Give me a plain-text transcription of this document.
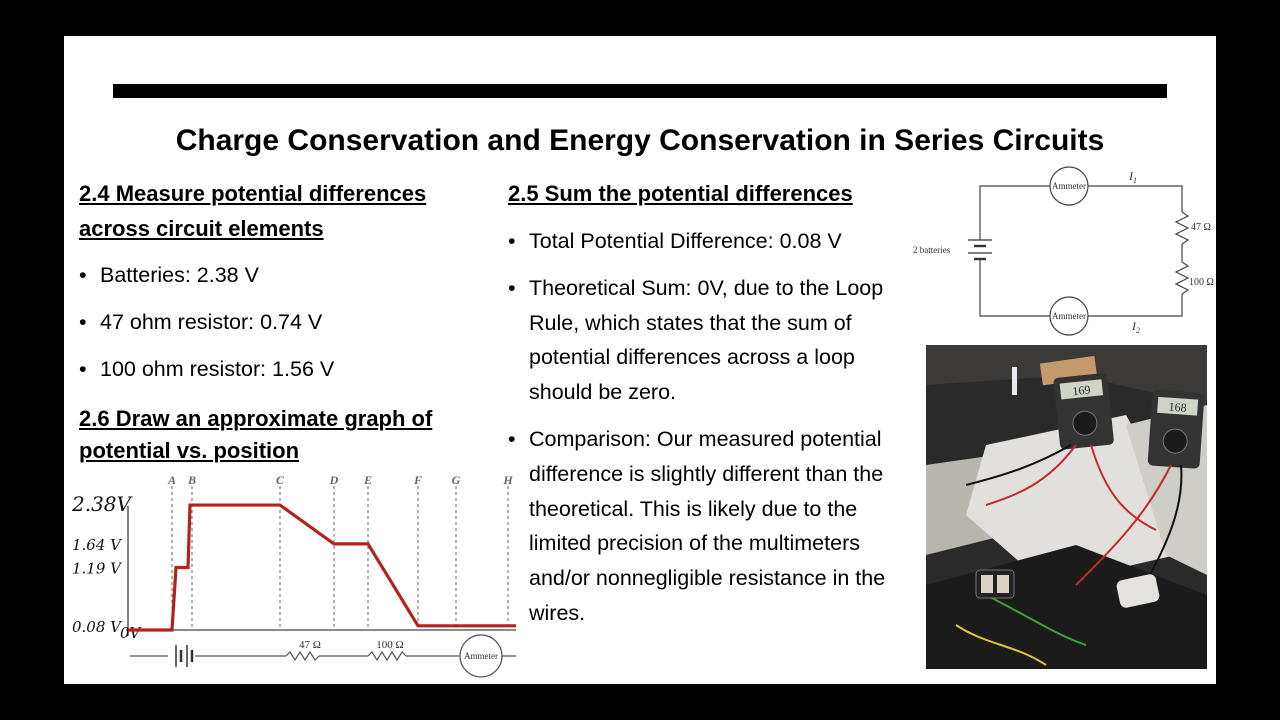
Charge Conservation and Energy Conservation in Series Circuits
2.4 Measure potential differences
across circuit elements
• Batteries: 2.38 V
• 47 ohm resistor: 0.74 V
• 100 ohm resistor: 1.56 V
2.6 Draw an approximate graph of
potential vs. position
2.5 Sum the potential differences
• Total Potential Difference: 0.08 V
• Theoretical Sum: 0V, due to the Loop Rule, which states that the sum of potential differences across a loop should be zero.
• Comparison: Our measured potential difference is slightly different than the theoretical. This is likely due to the limited precision of the multimeters and/or nonnegligible resistance in the wires.
A B	C	D E	F G	H
2.38V
1.64 V
1.19 V
0.08 V 0V
47 Ω	100 Ω
Ammeter
Ammeter
Ammeter
$I_1$
$I_2$
47 Ω
100 Ω
2 batteries
169
168
